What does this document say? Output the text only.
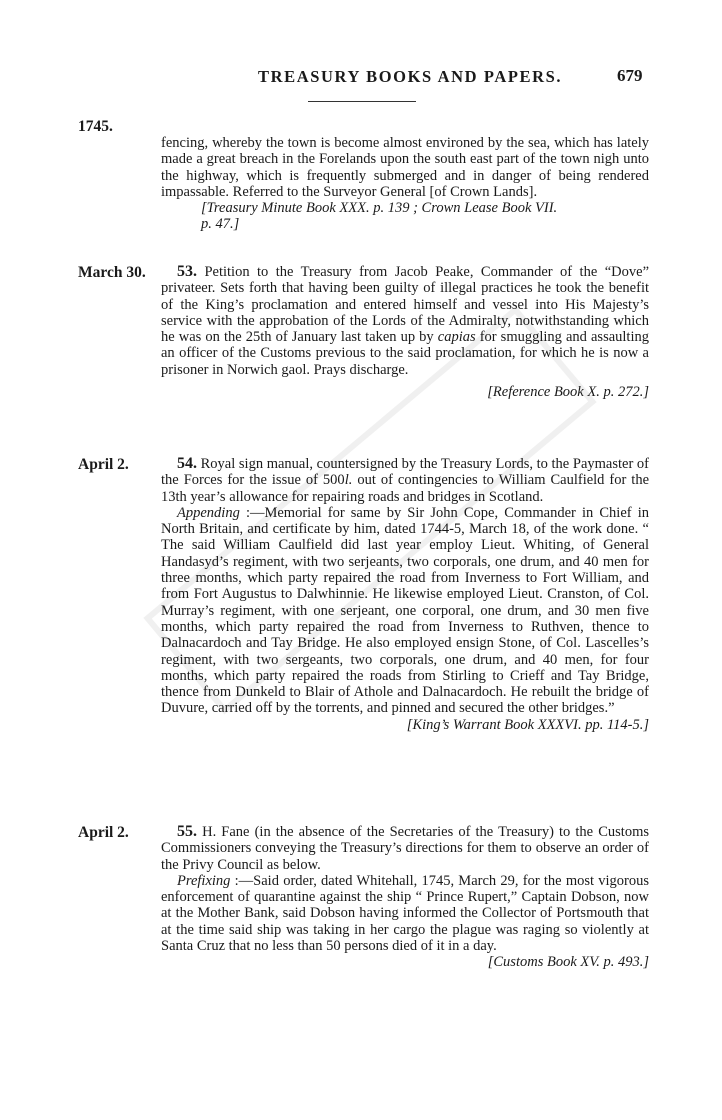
TREASURY BOOKS AND PAPERS.	679
1745.

fencing, whereby the town is become almost environed by the sea, which has lately made a great breach in the Forelands upon the south east part of the town nigh unto the highway, which is frequently submerged and in danger of being rendered impassable. Referred to the Surveyor General [of Crown Lands].

[Treasury Minute Book XXX. p. 139 ; Crown Lease Book VII.
p. 47.]

March 30.	53. Petition to the Treasury from Jacob Peake, Commander of the “Dove” privateer. Sets forth that having been guilty of illegal practices he took the benefit of the King’s proclamation and entered himself and vessel into His Majesty’s service with the approbation of the Lords of the Admiralty, notwithstanding which he was on the 25th of January last taken up by capias for smuggling and assaulting an officer of the Customs previous to the said proclamation, for which he is now a prisoner in Norwich gaol. Prays discharge.

[Reference Book X. p. 272.]

April 2.	54. Royal sign manual, countersigned by the Treasury Lords, to the Paymaster of the Forces for the issue of 500l. out of contingencies to William Caulfield for the 13th year’s allowance for repairing roads and bridges in Scotland.

Appending :—Memorial for same by Sir John Cope, Commander in Chief in North Britain, and certificate by him, dated 1744-5, March 18, of the work done. “ The said William Caulfield did last year employ Lieut. Whiting, of General Handasyd’s regiment, with two serjeants, two corporals, one drum, and 40 men for three months, which party repaired the road from Inverness to Fort William, and from Fort Augustus to Dalwhinnie. He likewise employed Lieut. Cranston, of Col. Murray’s regiment, with one serjeant, one corporal, one drum, and 30 men five months, which party repaired the road from Inverness to Ruthven, thence to Dalnacardoch and Tay Bridge. He also employed ensign Stone, of Col. Lascelles’s regiment, with two sergeants, two corporals, one drum, and 40 men, for four months, which party repaired the roads from Stirling to Crieff and Tay Bridge, thence from Dunkeld to Blair of Athole and Dalnacardoch. He rebuilt the bridge of Duvure, carried off by the torrents, and pinned and secured the other bridges.”

[King’s Warrant Book XXXVI. pp. 114-5.]

April 2.	55. H. Fane (in the absence of the Secretaries of the Treasury) to the Customs Commissioners conveying the Treasury’s directions for them to observe an order of the Privy Council as below.

Prefixing :—Said order, dated Whitehall, 1745, March 29, for the most vigorous enforcement of quarantine against the ship “ Prince Rupert,” Captain Dobson, now at the Mother Bank, said Dobson having informed the Collector of Portsmouth that at the time said ship was taking in her cargo the plague was raging so violently at Santa Cruz that no less than 50 persons died of it in a day.

[Customs Book XV. p. 493.]
